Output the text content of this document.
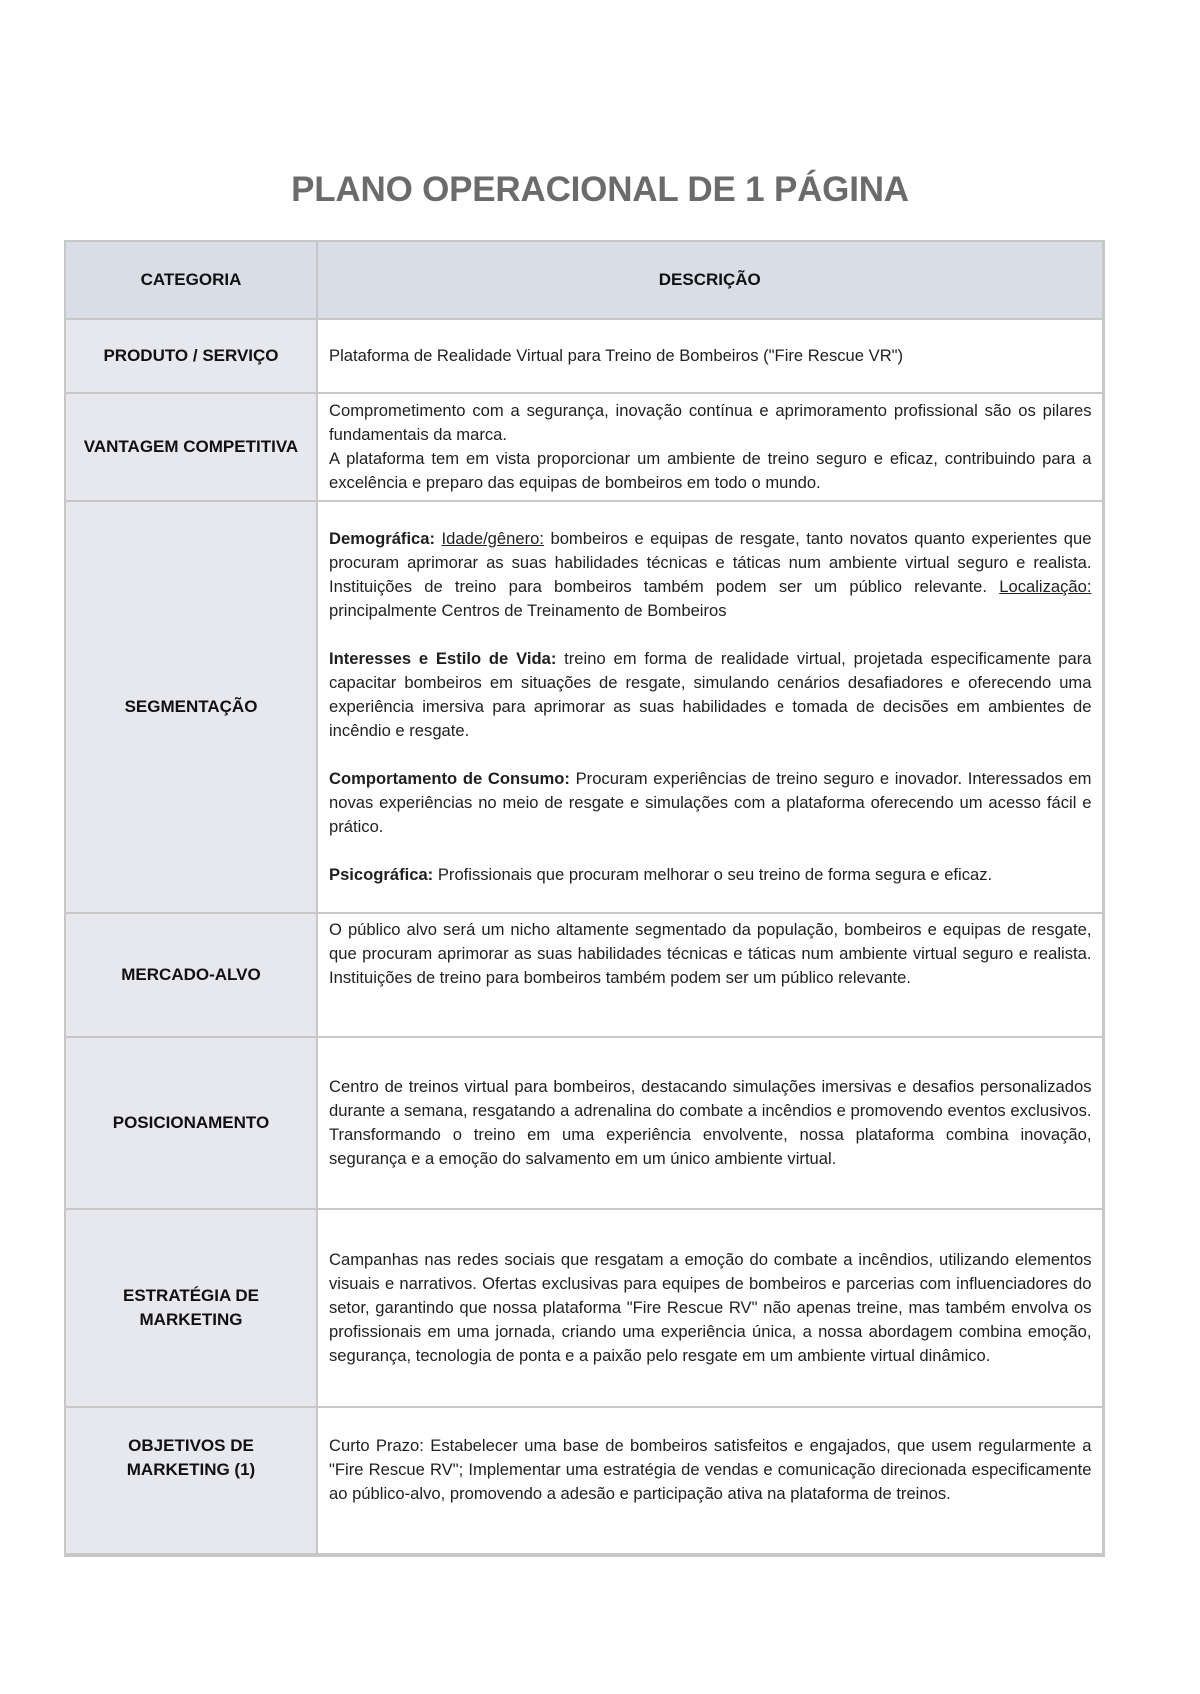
PLANO OPERACIONAL DE 1 PÁGINA
CATEGORIA	DESCRIÇÃO
PRODUTO / SERVIÇO	Plataforma de Realidade Virtual para Treino de Bombeiros ("Fire Rescue VR")
VANTAGEM COMPETITIVA	Comprometimento com a segurança, inovação contínua e aprimoramento profissional são os pilares fundamentais da marca.

A plataforma tem em vista proporcionar um ambiente de treino seguro e eficaz, contribuindo para a excelência e preparo das equipas de bombeiros em todo o mundo.

SEGMENTAÇÃO	Demográfica: Idade/gênero: bombeiros e equipas de resgate, tanto novatos quanto experientes que procuram aprimorar as suas habilidades técnicas e táticas num ambiente virtual seguro e realista. Instituições de treino para bombeiros também podem ser um público relevante. Localização: principalmente Centros de Treinamento de Bombeiros

Interesses e Estilo de Vida: treino em forma de realidade virtual, projetada especificamente para capacitar bombeiros em situações de resgate, simulando cenários desafiadores e oferecendo uma experiência imersiva para aprimorar as suas habilidades e tomada de decisões em ambientes de incêndio e resgate.

Comportamento de Consumo: Procuram experiências de treino seguro e inovador. Interessados em novas experiências no meio de resgate e simulações com a plataforma oferecendo um acesso fácil e prático.

Psicográfica: Profissionais que procuram melhorar o seu treino de forma segura e eficaz.

MERCADO-ALVO	O público alvo será um nicho altamente segmentado da população, bombeiros e equipas de resgate, que procuram aprimorar as suas habilidades técnicas e táticas num ambiente virtual seguro e realista. Instituições de treino para bombeiros também podem ser um público relevante.
POSICIONAMENTO	Centro de treinos virtual para bombeiros, destacando simulações imersivas e desafios personalizados durante a semana, resgatando a adrenalina do combate a incêndios e promovendo eventos exclusivos. Transformando o treino em uma experiência envolvente, nossa plataforma combina inovação, segurança e a emoção do salvamento em um único ambiente virtual.

ESTRATÉGIA DE
MARKETING	Campanhas nas redes sociais que resgatam a emoção do combate a incêndios, utilizando elementos visuais e narrativos. Ofertas exclusivas para equipes de bombeiros e parcerias com influenciadores do setor, garantindo que nossa plataforma "Fire Rescue RV" não apenas treine, mas também envolva os profissionais em uma jornada, criando uma experiência única, a nossa abordagem combina emoção, segurança, tecnologia de ponta e a paixão pelo resgate em um ambiente virtual dinâmico.

OBJETIVOS DE
MARKETING (1)	Curto Prazo: Estabelecer uma base de bombeiros satisfeitos e engajados, que usem regularmente a "Fire Rescue RV"; Implementar uma estratégia de vendas e comunicação direcionada especificamente ao público-alvo, promovendo a adesão e participação ativa na plataforma de treinos.
